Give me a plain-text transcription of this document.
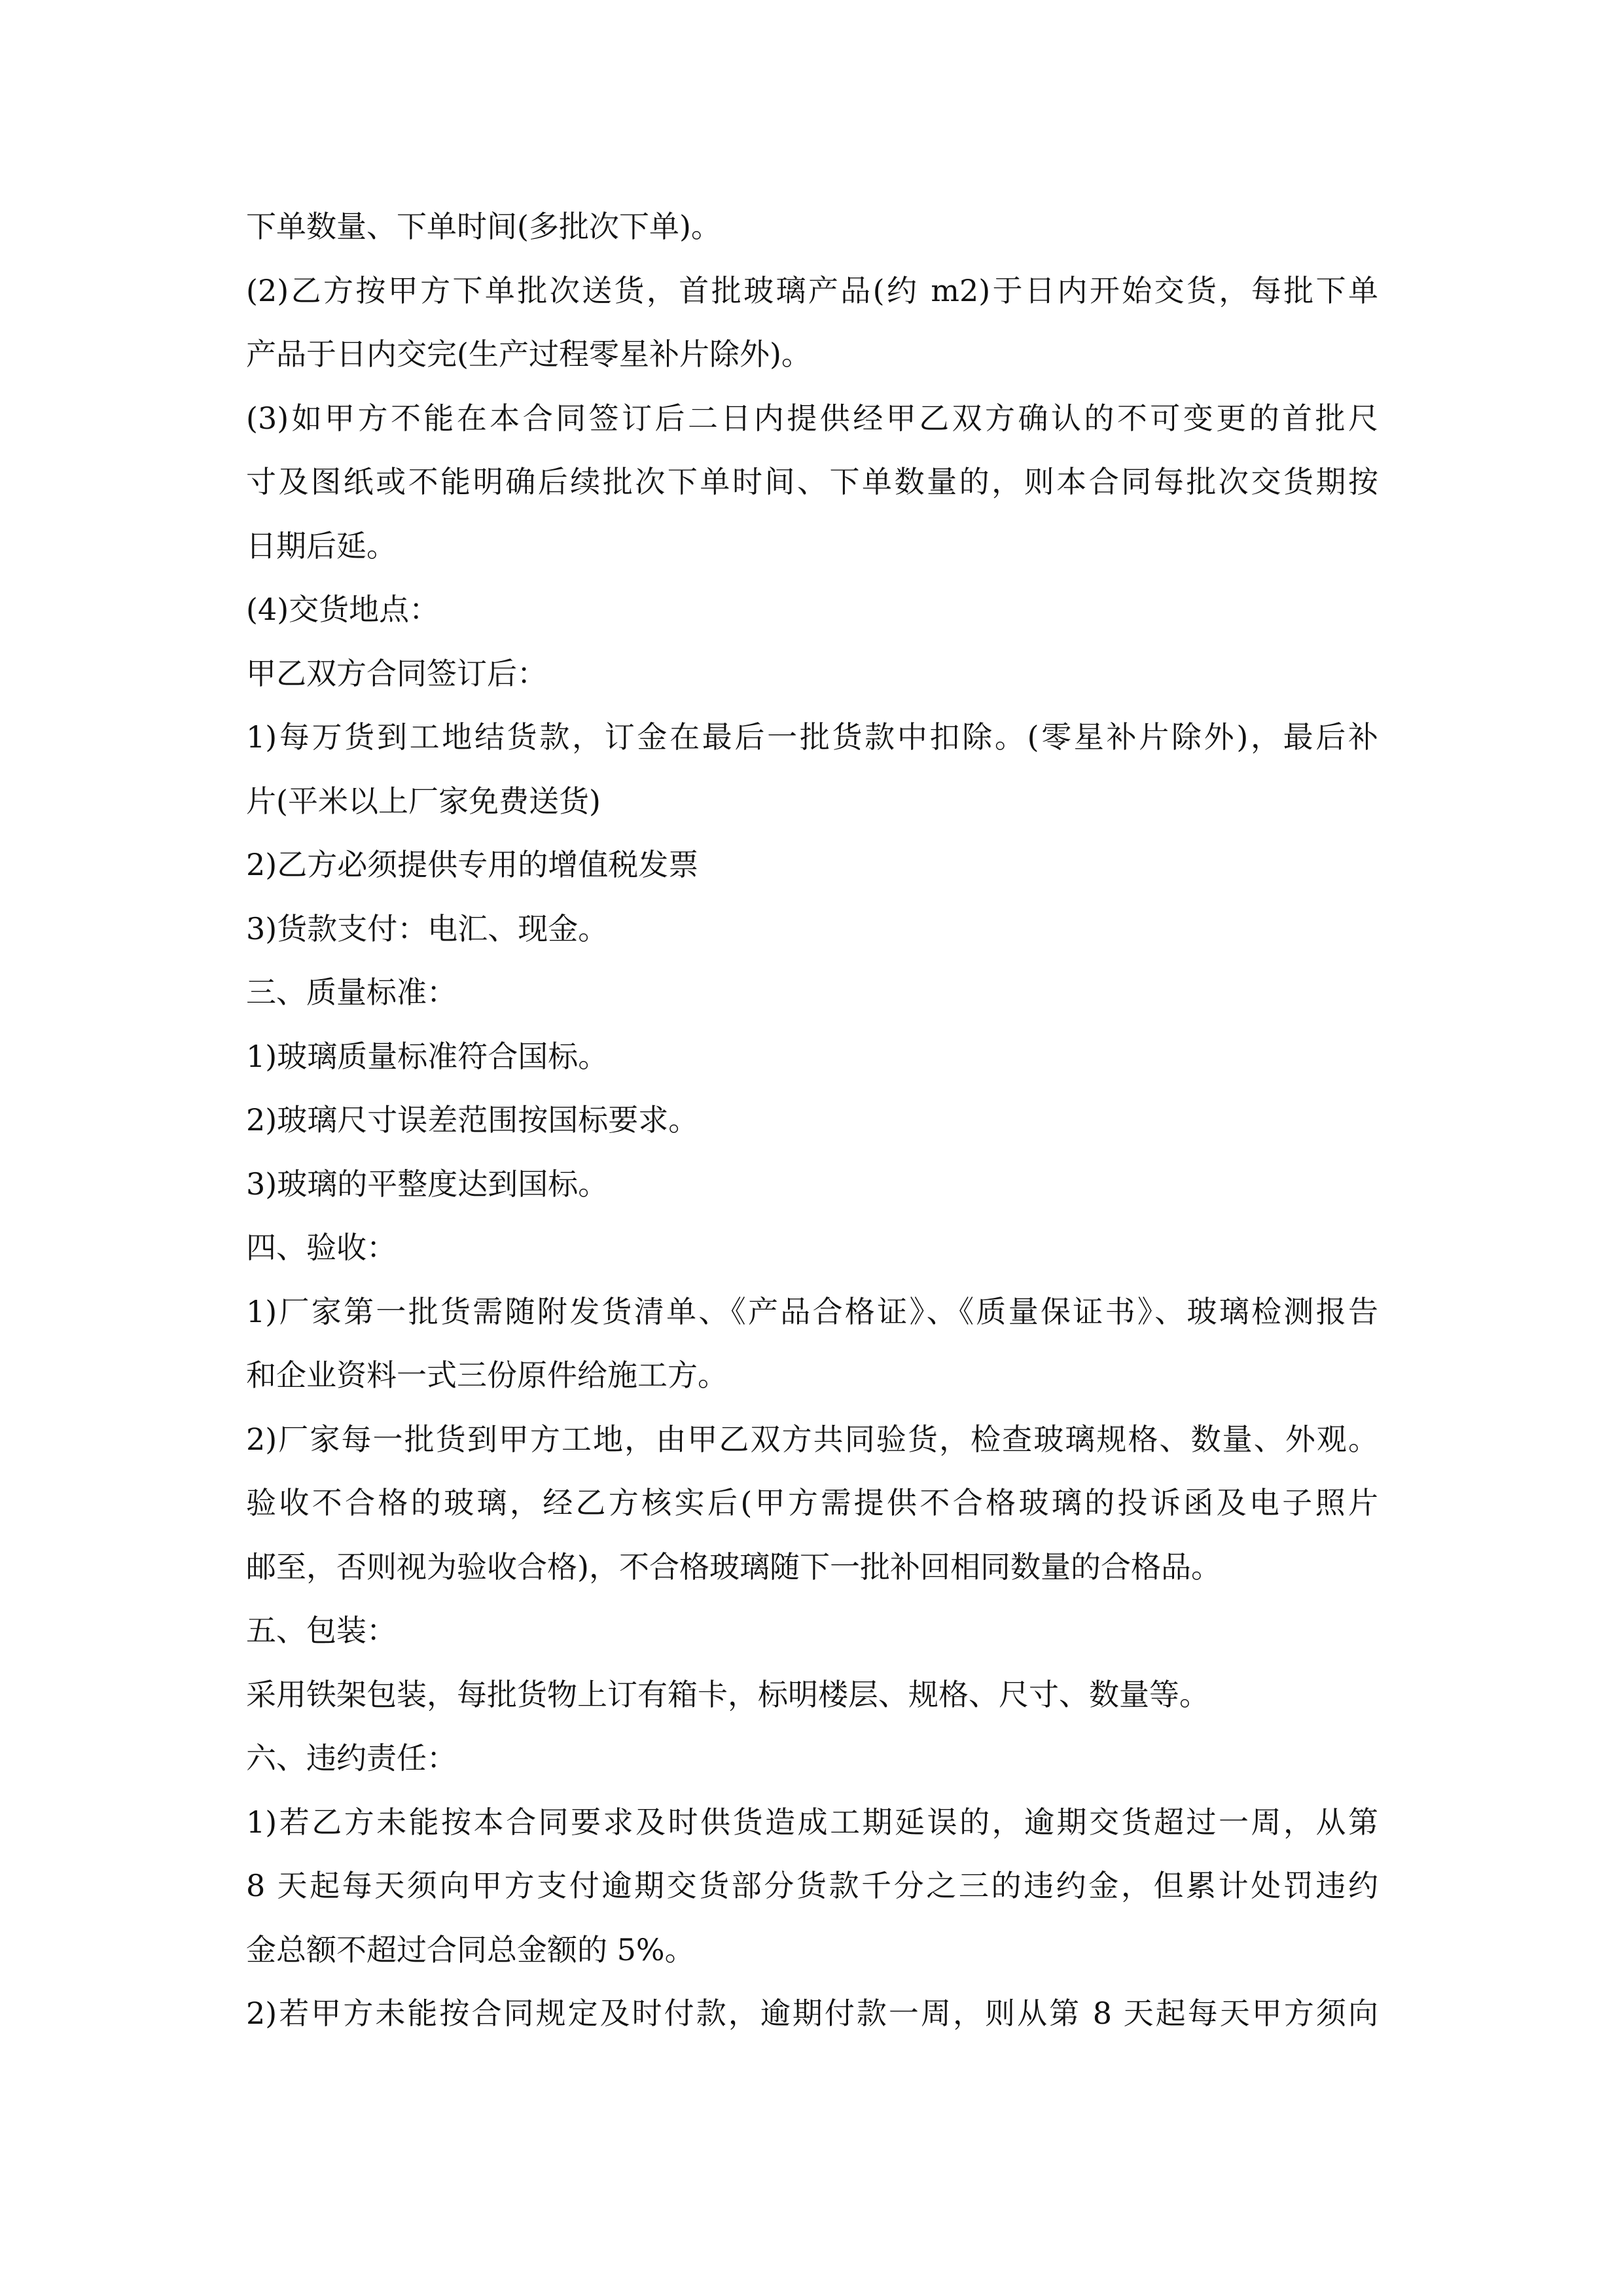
下单数量、下单时间(多批次下单)。
(2)乙方按甲方下单批次送货，首批玻璃产品(约 m2)于日内开始交货，每批下单
产品于日内交完(生产过程零星补片除外)。
(3)如甲方不能在本合同签订后二日内提供经甲乙双方确认的不可变更的首批尺
寸及图纸或不能明确后续批次下单时间、下单数量的，则本合同每批次交货期按
日期后延。
(4)交货地点：
甲乙双方合同签订后：
1)每万货到工地结货款，订金在最后一批货款中扣除。(零星补片除外)，最后补
片(平米以上厂家免费送货)
2)乙方必须提供专用的增值税发票
3)货款支付：电汇、现金。
三、质量标准：
1)玻璃质量标准符合国标。
2)玻璃尺寸误差范围按国标要求。
3)玻璃的平整度达到国标。
四、验收：
1)厂家第一批货需随附发货清单、《产品合格证》、《质量保证书》、玻璃检测报告
和企业资料一式三份原件给施工方。
2)厂家每一批货到甲方工地，由甲乙双方共同验货，检查玻璃规格、数量、外观。
验收不合格的玻璃，经乙方核实后(甲方需提供不合格玻璃的投诉函及电子照片
邮至，否则视为验收合格)，不合格玻璃随下一批补回相同数量的合格品。
五、包装：
采用铁架包装，每批货物上订有箱卡，标明楼层、规格、尺寸、数量等。
六、违约责任：
1)若乙方未能按本合同要求及时供货造成工期延误的，逾期交货超过一周，从第
8 天起每天须向甲方支付逾期交货部分货款千分之三的违约金，但累计处罚违约
金总额不超过合同总金额的 5%。
2)若甲方未能按合同规定及时付款，逾期付款一周，则从第 8 天起每天甲方须向
